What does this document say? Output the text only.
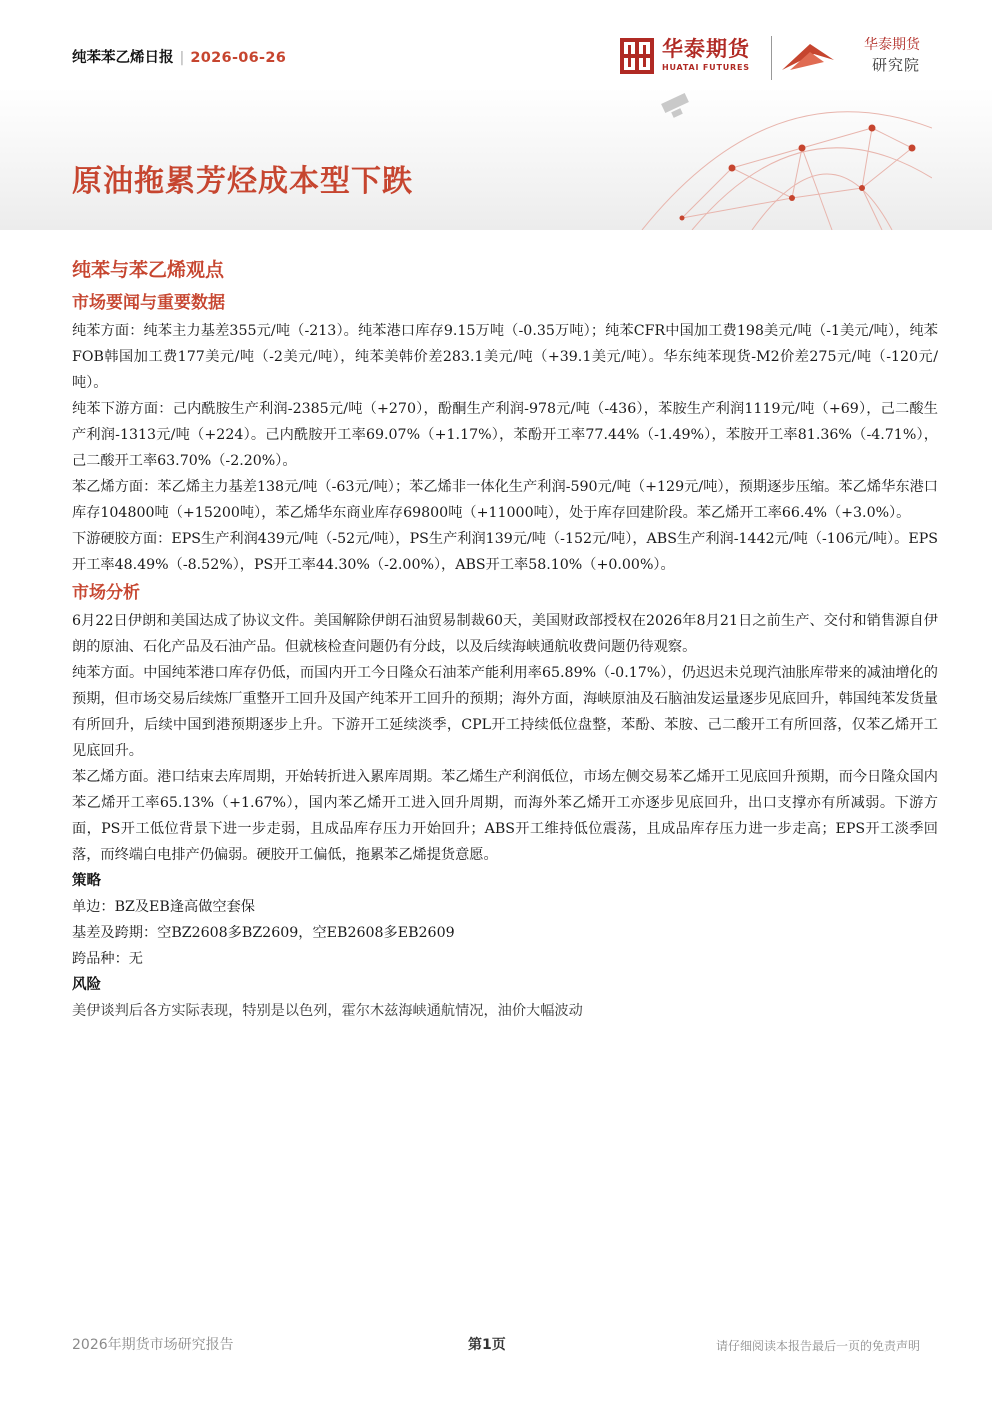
纯苯苯乙烯日报 | 2026-06-26	华泰期货
HUATAI FUTURES
华泰期货
研究院
原油拖累芳烃成本型下跌
纯苯与苯乙烯观点
市场要闻与重要数据

纯苯方面：纯苯主力基差355元/吨（-213）。纯苯港口库存9.15万吨（-0.35万吨）；纯苯CFR中国加工费198美元/吨（-1美元/吨），纯苯FOB韩国加工费177美元/吨（-2美元/吨），纯苯美韩价差283.1美元/吨（+39.1美元/吨）。华东纯苯现货-M2价差275元/吨（-120元/吨）。

纯苯下游方面：己内酰胺生产利润-2385元/吨（+270），酚酮生产利润-978元/吨（-436），苯胺生产利润1119元/吨（+69），己二酸生产利润-1313元/吨（+224）。己内酰胺开工率69.07%（+1.17%），苯酚开工率77.44%（-1.49%），苯胺开工率81.36%（-4.71%），己二酸开工率63.70%（-2.20%）。

苯乙烯方面：苯乙烯主力基差138元/吨（-63元/吨）；苯乙烯非一体化生产利润-590元/吨（+129元/吨），预期逐步压缩。苯乙烯华东港口库存104800吨（+15200吨），苯乙烯华东商业库存69800吨（+11000吨），处于库存回建阶段。苯乙烯开工率66.4%（+3.0%）。

下游硬胶方面：EPS生产利润439元/吨（-52元/吨），PS生产利润139元/吨（-152元/吨），ABS生产利润-1442元/吨（-106元/吨）。EPS开工率48.49%（-8.52%），PS开工率44.30%（-2.00%），ABS开工率58.10%（+0.00%）。

市场分析

6月22日伊朗和美国达成了协议文件。美国解除伊朗石油贸易制裁60天，美国财政部授权在2026年8月21日之前生产、交付和销售源自伊朗的原油、石化产品及石油产品。但就核检查问题仍有分歧，以及后续海峡通航收费问题仍待观察。

纯苯方面。中国纯苯港口库存仍低，而国内开工今日隆众石油苯产能利用率65.89%（-0.17%），仍迟迟未兑现汽油胀库带来的减油增化的预期，但市场交易后续炼厂重整开工回升及国产纯苯开工回升的预期；海外方面，海峡原油及石脑油发运量逐步见底回升，韩国纯苯发货量有所回升，后续中国到港预期逐步上升。下游开工延续淡季，CPL开工持续低位盘整，苯酚、苯胺、己二酸开工有所回落，仅苯乙烯开工见底回升。

苯乙烯方面。港口结束去库周期，开始转折进入累库周期。苯乙烯生产利润低位，市场左侧交易苯乙烯开工见底回升预期，而今日隆众国内苯乙烯开工率65.13%（+1.67%），国内苯乙烯开工进入回升周期，而海外苯乙烯开工亦逐步见底回升，出口支撑亦有所减弱。下游方面，PS开工低位背景下进一步走弱，且成品库存压力开始回升；ABS开工维持低位震荡，且成品库存压力进一步走高；EPS开工淡季回落，而终端白电排产仍偏弱。硬胶开工偏低，拖累苯乙烯提货意愿。

策略

单边：BZ及EB逢高做空套保

基差及跨期：空BZ2608多BZ2609，空EB2608多EB2609

跨品种：无

风险

美伊谈判后各方实际表现，特别是以色列，霍尔木兹海峡通航情况，油价大幅波动

2026年期货市场研究报告	第1页	请仔细阅读本报告最后一页的免责声明
